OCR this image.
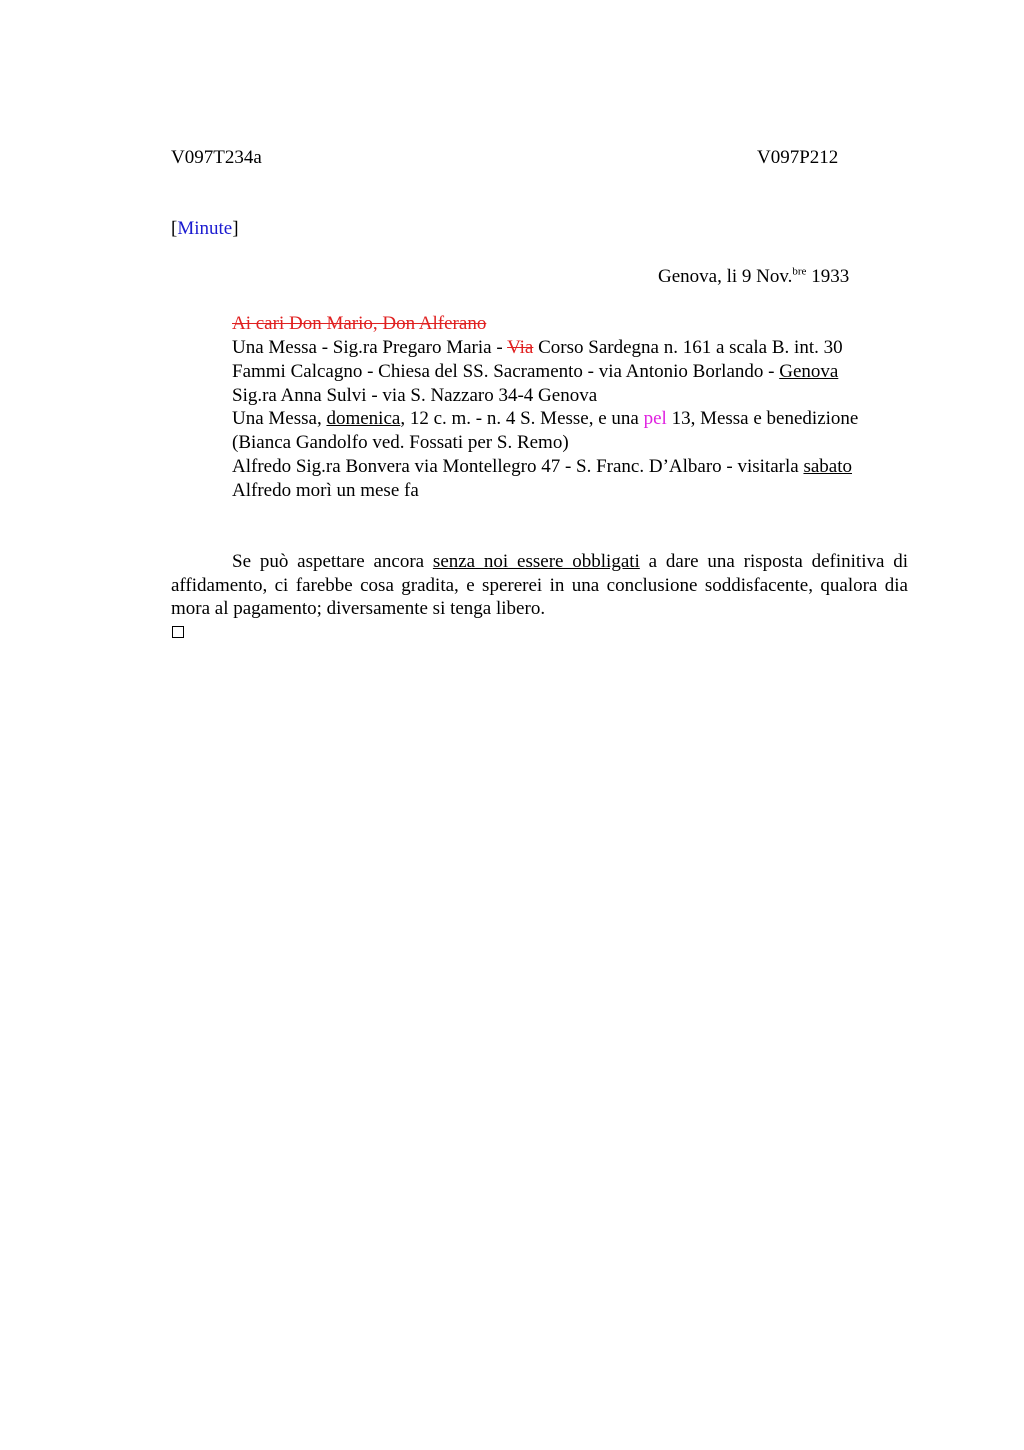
V097T234a	V097P212
[Minute]
Genova, li 9 Nov.$^{bre}$ 1933
Ai cari Don Mario, Don Alferano
Una Messa - Sig.ra Pregaro Maria - Via Corso Sardegna n. 161 a scala B. int. 30
Fammi Calcagno - Chiesa del SS. Sacramento - via Antonio Borlando - Genova
Sig.ra Anna Sulvi - via S. Nazzaro 34-4 Genova
Una Messa, domenica, 12 c. m. - n. 4 S. Messe, e una pel 13, Messa e benedizione
(Bianca Gandolfo ved. Fossati per S. Remo)
Alfredo Sig.ra Bonvera via Montellegro 47 - S. Franc. D’Albaro - visitarla sabato
Alfredo morì un mese fa
Se può aspettare ancora senza noi essere obbligati a dare una risposta definitiva di affidamento, ci farebbe cosa gradita, e spererei in una conclusione soddisfacente, qualora dia mora al pagamento; diversamente si tenga libero.
